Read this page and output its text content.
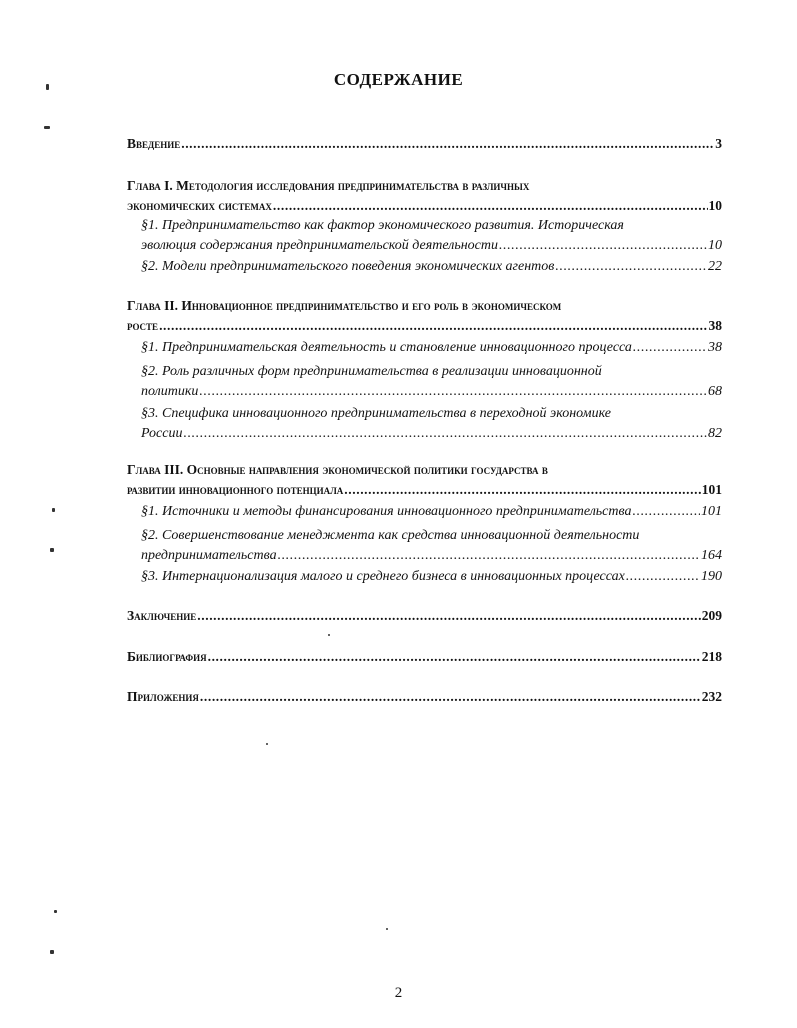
СОДЕРЖАНИЕ
Введение .....	3
Глава I. Методология исследования предпринимательства в различных
экономических системах .....	10
§1. Предпринимательство как фактор экономического развития. Историческая
эволюция содержания предпринимательской деятельности .....	10
§2. Модели предпринимательского поведения экономических агентов .....	22
Глава II. Инновационное предпринимательство и его роль в экономическом
росте .....	38
§1. Предпринимательская деятельность и становление инновационного процесса .....	38
§2. Роль различных форм предпринимательства в реализации инновационной
политики .....	68
§3. Специфика инновационного предпринимательства в переходной экономике
России .....	82
Глава III. Основные направления экономической политики государства в
развитии инновационного потенциала .....	101
§1. Источники и методы финансирования инновационного предпринимательства .....	101
§2. Совершенствование менеджмента как средства инновационной деятельности
предпринимательства .....	164
§3. Интернационализация малого и среднего бизнеса в инновационных процессах .....	190
Заключение .....	209
Библиография .....	218
Приложения .....	232
2
